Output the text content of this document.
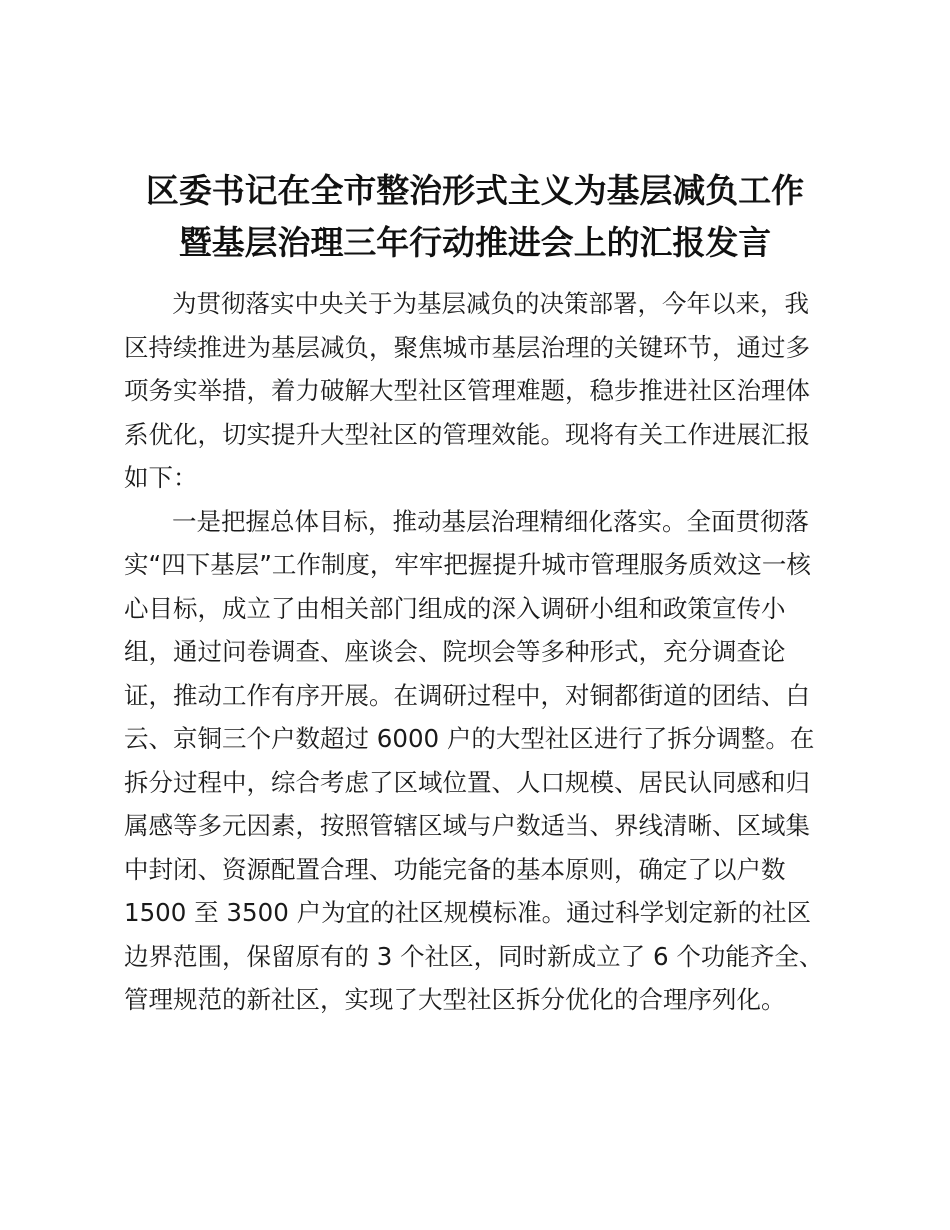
区委书记在全市整治形式主义为基层减负工作
暨基层治理三年行动推进会上的汇报发言
为贯彻落实中央关于为基层减负的决策部署，今年以来，我
区持续推进为基层减负，聚焦城市基层治理的关键环节，通过多
项务实举措，着力破解大型社区管理难题，稳步推进社区治理体
系优化，切实提升大型社区的管理效能。现将有关工作进展汇报
如下：
一是把握总体目标，推动基层治理精细化落实。全面贯彻落
实“四下基层”工作制度，牢牢把握提升城市管理服务质效这一核
心目标，成立了由相关部门组成的深入调研小组和政策宣传小
组，通过问卷调查、座谈会、院坝会等多种形式，充分调查论
证，推动工作有序开展。在调研过程中，对铜都街道的团结、白
云、京铜三个户数超过 6000 户的大型社区进行了拆分调整。在
拆分过程中，综合考虑了区域位置、人口规模、居民认同感和归
属感等多元因素，按照管辖区域与户数适当、界线清晰、区域集
中封闭、资源配置合理、功能完备的基本原则，确定了以户数
1500 至 3500 户为宜的社区规模标准。通过科学划定新的社区
边界范围，保留原有的 3 个社区，同时新成立了 6 个功能齐全、
管理规范的新社区，实现了大型社区拆分优化的合理序列化。
